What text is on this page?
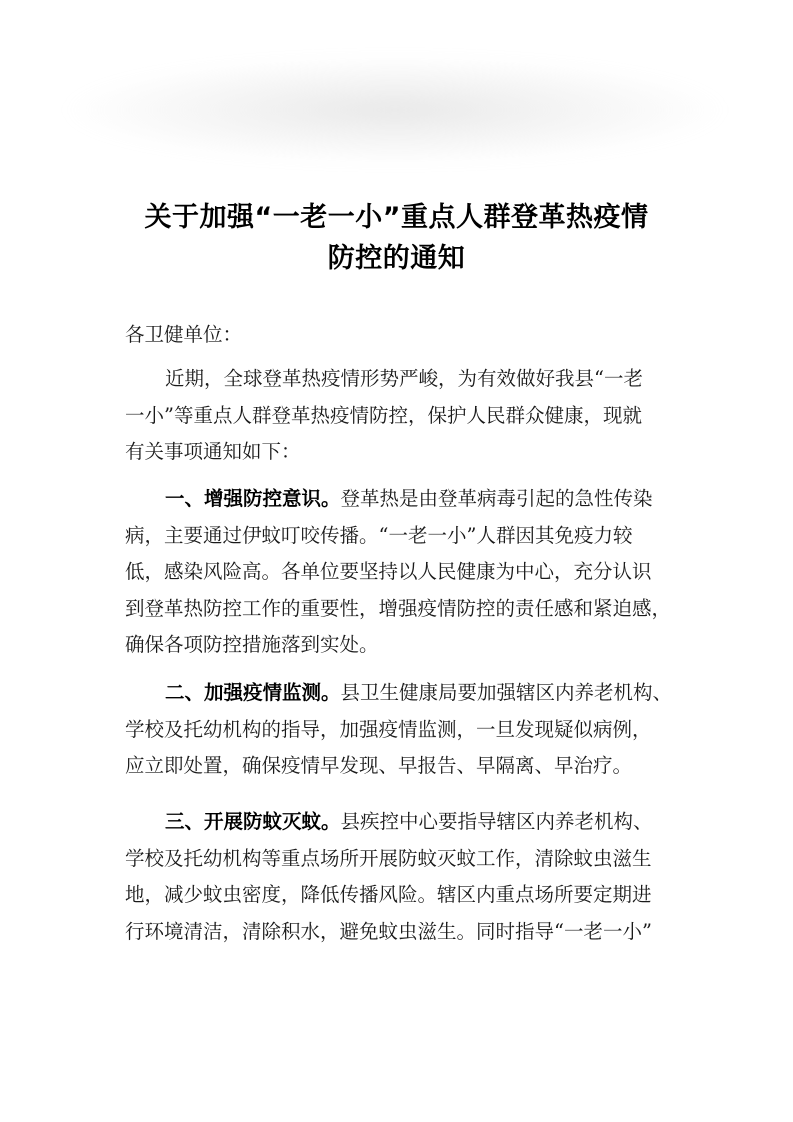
关于加强“一老一小”重点人群登革热疫情
防控的通知
各卫健单位：
近期，全球登革热疫情形势严峻，为有效做好我县“一老
一小”等重点人群登革热疫情防控，保护人民群众健康，现就
有关事项通知如下：
一、增强防控意识。登革热是由登革病毒引起的急性传染
病，主要通过伊蚊叮咬传播。“一老一小”人群因其免疫力较
低，感染风险高。各单位要坚持以人民健康为中心，充分认识
到登革热防控工作的重要性，增强疫情防控的责任感和紧迫感，
确保各项防控措施落到实处。
二、加强疫情监测。县卫生健康局要加强辖区内养老机构、
学校及托幼机构的指导，加强疫情监测，一旦发现疑似病例，
应立即处置，确保疫情早发现、早报告、早隔离、早治疗。
三、开展防蚊灭蚊。县疾控中心要指导辖区内养老机构、
学校及托幼机构等重点场所开展防蚊灭蚊工作，清除蚊虫滋生
地，减少蚊虫密度，降低传播风险。辖区内重点场所要定期进
行环境清洁，清除积水，避免蚊虫滋生。同时指导“一老一小”
